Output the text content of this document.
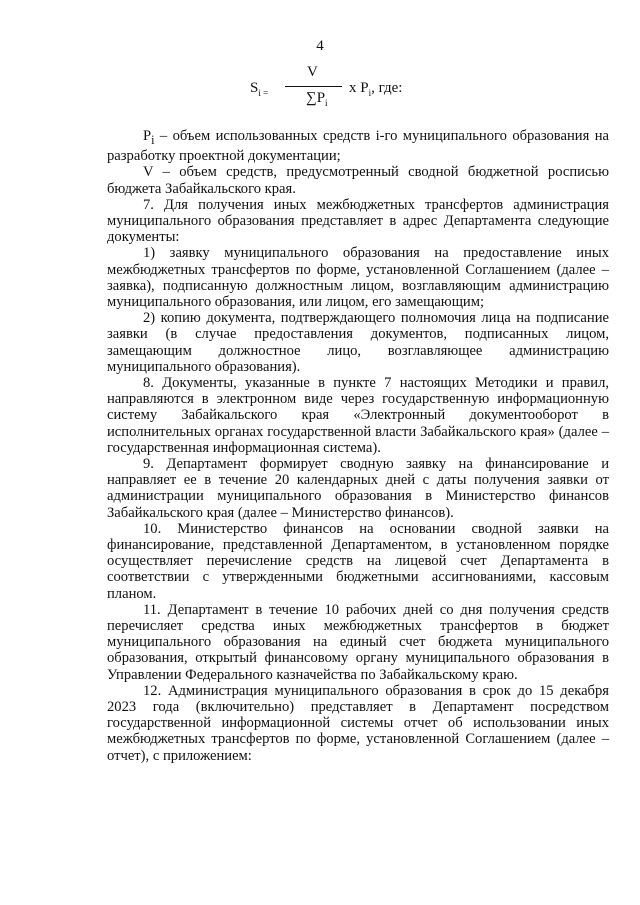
4
$S_{i =}$
V
$\sum P_i$
x $P_i$, где:

$P_i$ – объем использованных средств i-го муниципального образования на разработку проектной документации;

V – объем средств, предусмотренный сводной бюджетной росписью бюджета Забайкальского края.

7. Для получения иных межбюджетных трансфертов администрация муниципального образования представляет в адрес Департамента следующие документы:

1) заявку муниципального образования на предоставление иных межбюджетных трансфертов по форме, установленной Соглашением (далее – заявка), подписанную должностным лицом, возглавляющим администрацию муниципального образования, или лицом, его замещающим;

2) копию документа, подтверждающего полномочия лица на подписание заявки (в случае предоставления документов, подписанных лицом, замещающим должностное лицо, возглавляющее администрацию муниципального образования).

8. Документы, указанные в пункте 7 настоящих Методики и правил, направляются в электронном виде через государственную информационную систему Забайкальского края «Электронный документооборот в исполнительных органах государственной власти Забайкальского края» (далее – государственная информационная система).

9. Департамент формирует сводную заявку на финансирование и направляет ее в течение 20 календарных дней с даты получения заявки от администрации муниципального образования в Министерство финансов Забайкальского края (далее – Министерство финансов).

10. Министерство финансов на основании сводной заявки на финансирование, представленной Департаментом, в установленном порядке осуществляет перечисление средств на лицевой счет Департамента в соответствии с утвержденными бюджетными ассигнованиями, кассовым планом.

11. Департамент в течение 10 рабочих дней со дня получения средств перечисляет средства иных межбюджетных трансфертов в бюджет муниципального образования на единый счет бюджета муниципального образования, открытый финансовому органу муниципального образования в Управлении Федерального казначейства по Забайкальскому краю.

12. Администрация муниципального образования в срок до 15 декабря 2023 года (включительно) представляет в Департамент посредством государственной информационной системы отчет об использовании иных межбюджетных трансфертов по форме, установленной Соглашением (далее – отчет), с приложением:
